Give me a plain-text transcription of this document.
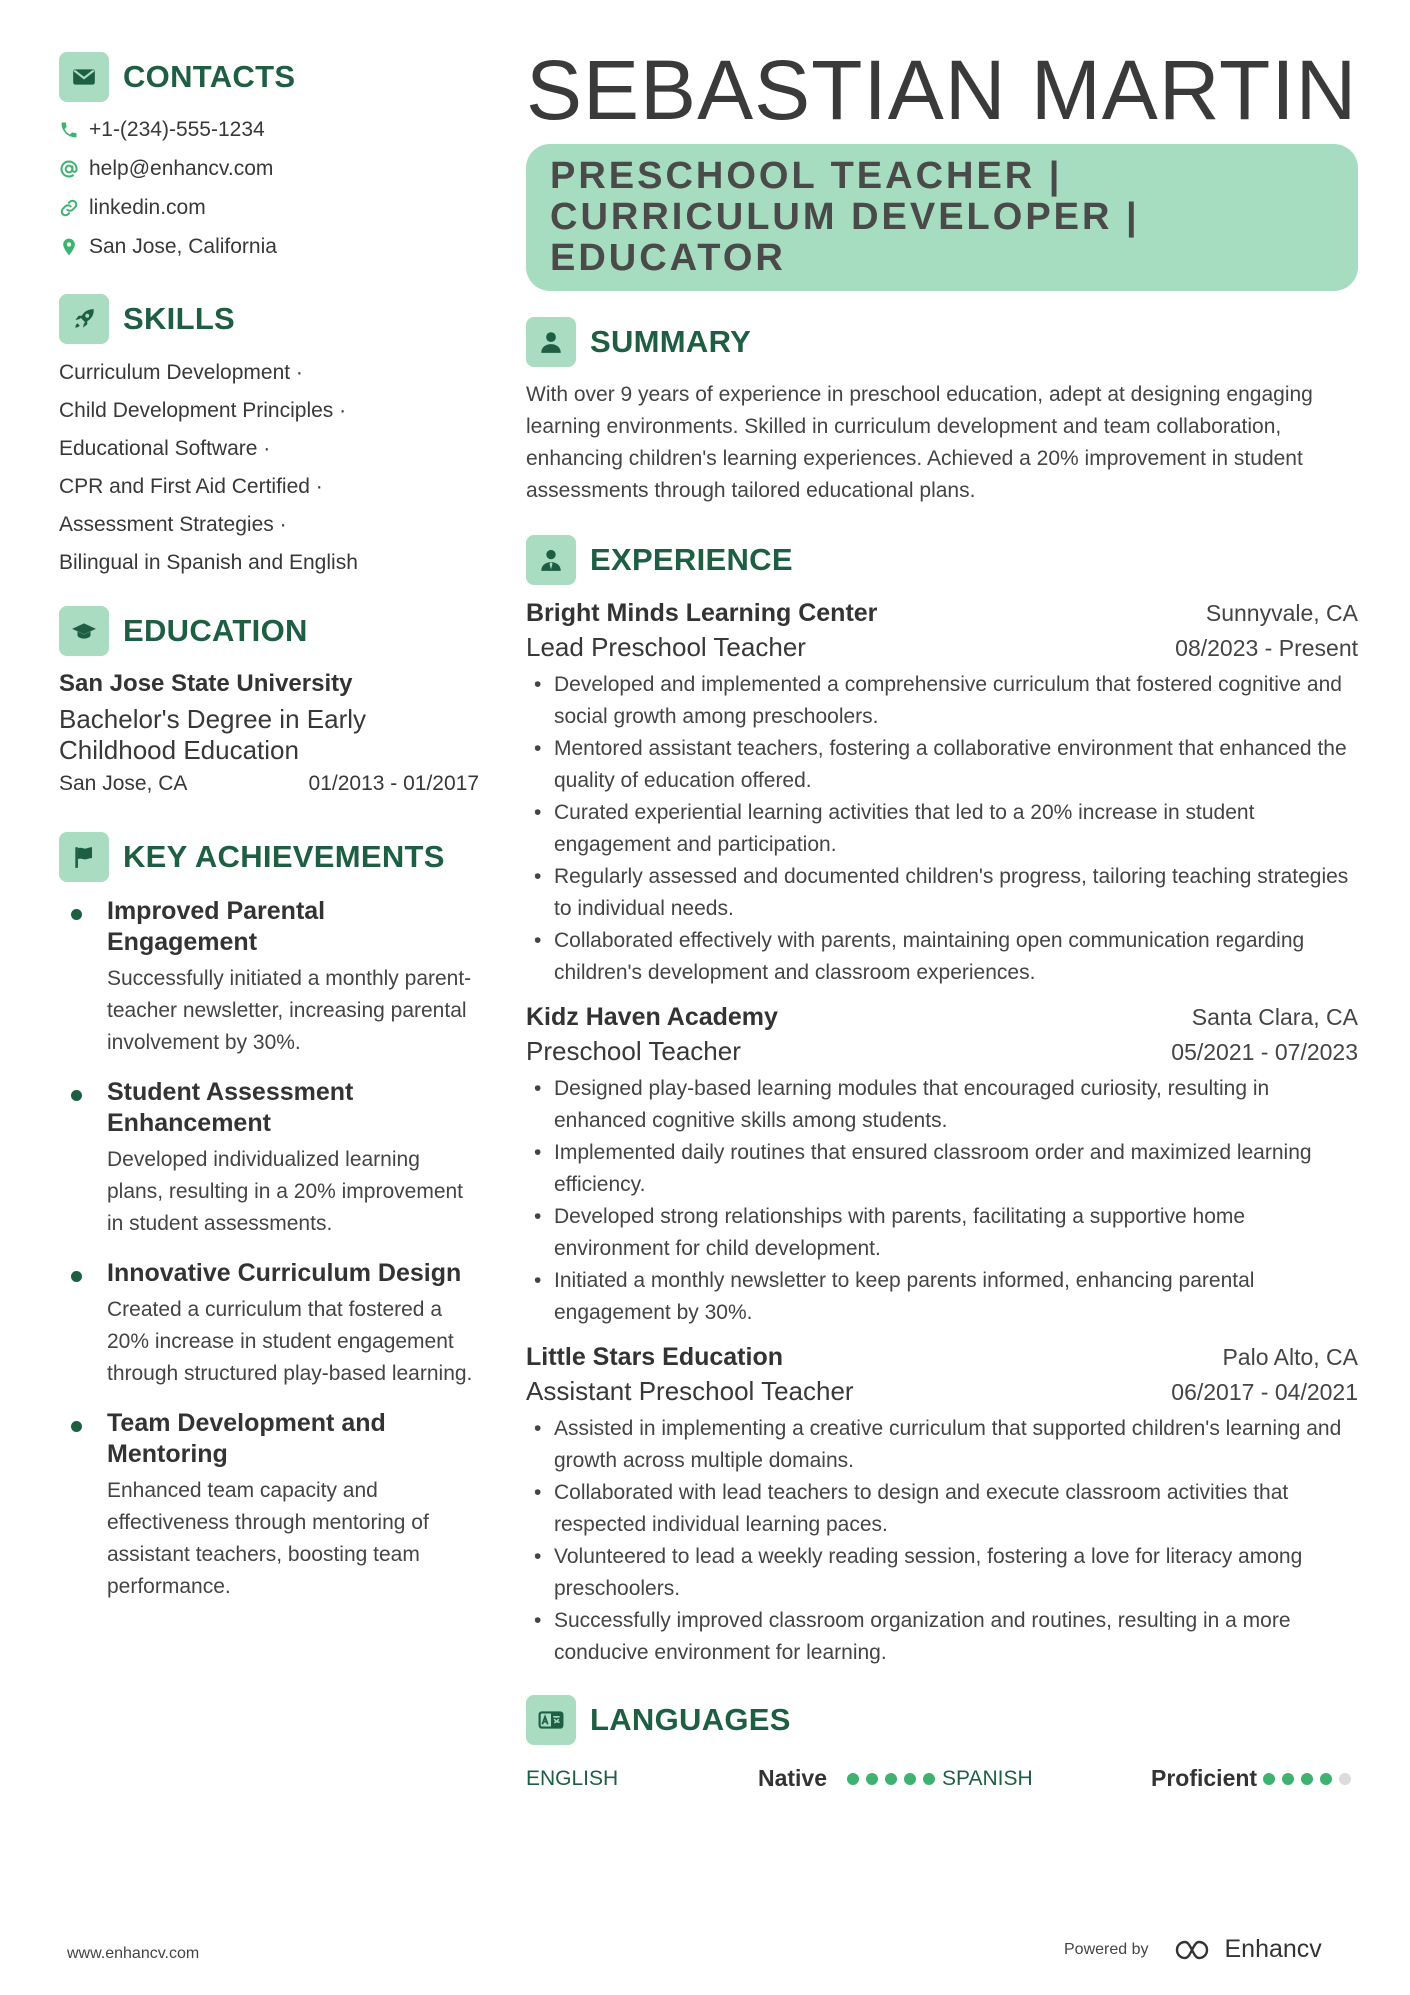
CONTACTS
+1-(234)-555-1234
help@enhancv.com
linkedin.com
San Jose, California
SKILLS
Curriculum Development ·
Child Development Principles ·
Educational Software ·
CPR and First Aid Certified ·
Assessment Strategies ·
Bilingual in Spanish and English
EDUCATION
San Jose State University
Bachelor's Degree in Early Childhood Education
San Jose, CA	01/2013 - 01/2017
KEY ACHIEVEMENTS
Improved Parental Engagement
Successfully initiated a monthly parent-teacher newsletter, increasing parental involvement by 30%.
Student Assessment Enhancement
Developed individualized learning plans, resulting in a 20% improvement in student assessments.
Innovative Curriculum Design
Created a curriculum that fostered a 20% increase in student engagement through structured play-based learning.
Team Development and Mentoring
Enhanced team capacity and effectiveness through mentoring of assistant teachers, boosting team performance.
SEBASTIAN MARTIN
PRESCHOOL TEACHER | CURRICULUM DEVELOPER | EDUCATOR
SUMMARY
With over 9 years of experience in preschool education, adept at designing engaging learning environments. Skilled in curriculum development and team collaboration, enhancing children's learning experiences. Achieved a 20% improvement in student assessments through tailored educational plans.
EXPERIENCE
Bright Minds Learning Center	Sunnyvale, CA
Lead Preschool Teacher	08/2023 - Present
• Developed and implemented a comprehensive curriculum that fostered cognitive and social growth among preschoolers.
• Mentored assistant teachers, fostering a collaborative environment that enhanced the quality of education offered.
• Curated experiential learning activities that led to a 20% increase in student engagement and participation.
• Regularly assessed and documented children's progress, tailoring teaching strategies to individual needs.
• Collaborated effectively with parents, maintaining open communication regarding children's development and classroom experiences.
Kidz Haven Academy	Santa Clara, CA
Preschool Teacher	05/2021 - 07/2023
• Designed play-based learning modules that encouraged curiosity, resulting in enhanced cognitive skills among students.
• Implemented daily routines that ensured classroom order and maximized learning efficiency.
• Developed strong relationships with parents, facilitating a supportive home environment for child development.
• Initiated a monthly newsletter to keep parents informed, enhancing parental engagement by 30%.
Little Stars Education	Palo Alto, CA
Assistant Preschool Teacher	06/2017 - 04/2021
• Assisted in implementing a creative curriculum that supported children's learning and growth across multiple domains.
• Collaborated with lead teachers to design and execute classroom activities that respected individual learning paces.
• Volunteered to lead a weekly reading session, fostering a love for literacy among preschoolers.
• Successfully improved classroom organization and routines, resulting in a more conducive environment for learning.
LANGUAGES
ENGLISH	Native	SPANISH	Proficient
www.enhancv.com	Powered by	Enhancv
